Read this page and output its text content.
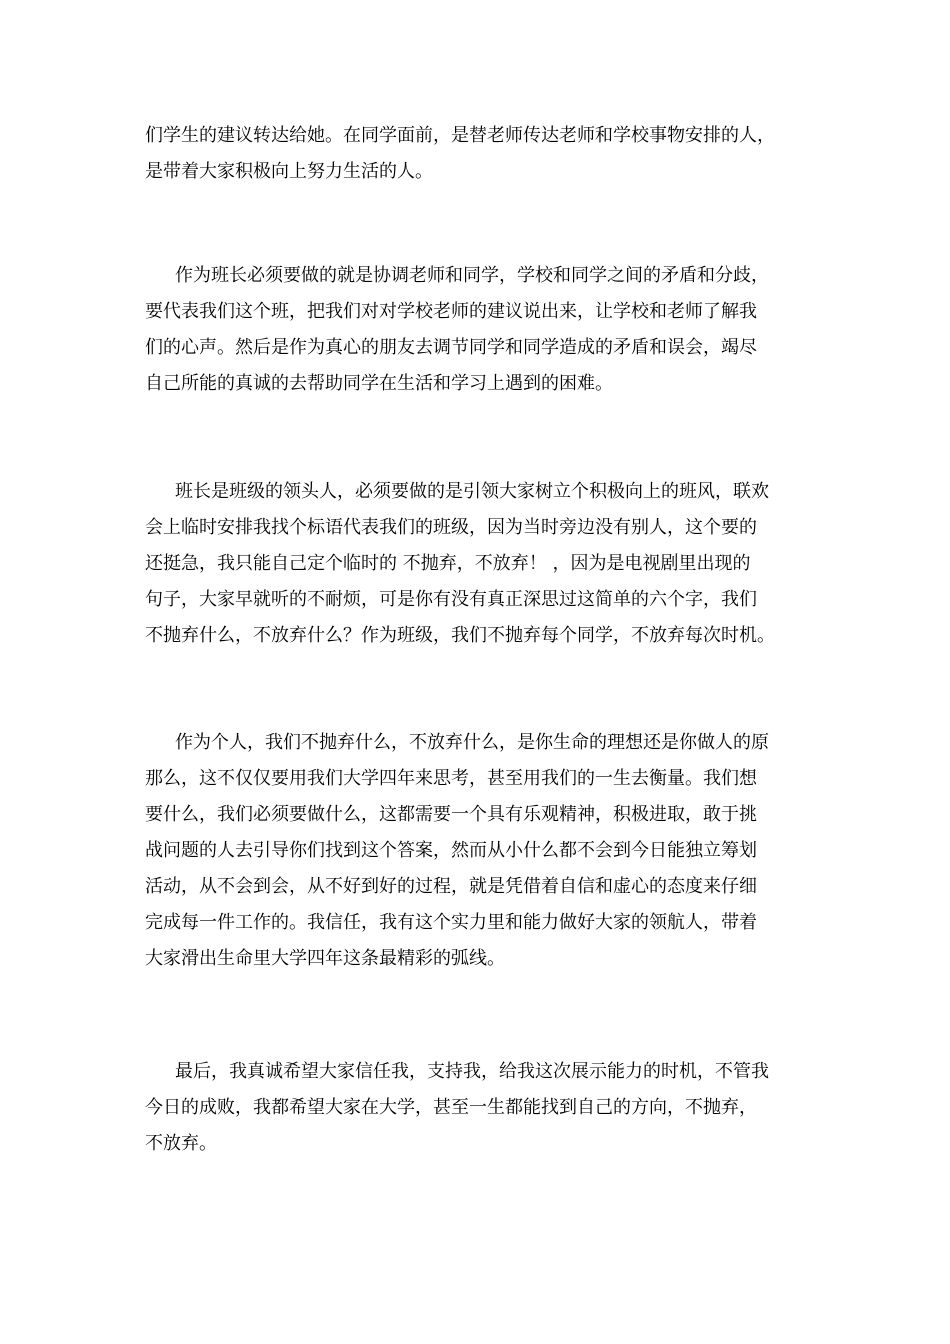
们学生的建议转达给她。在同学面前，是替老师传达老师和学校事物安排的人，
是带着大家积极向上努力生活的人。
作为班长必须要做的就是协调老师和同学，学校和同学之间的矛盾和分歧，
要代表我们这个班，把我们对对学校老师的建议说出来，让学校和老师了解我
们的心声。然后是作为真心的朋友去调节同学和同学造成的矛盾和误会，竭尽
自己所能的真诚的去帮助同学在生活和学习上遇到的困难。
班长是班级的领头人，必须要做的是引领大家树立个积极向上的班风，联欢
会上临时安排我找个标语代表我们的班级，因为当时旁边没有别人，这个要的
还挺急，我只能自己定个临时的 不抛弃，不放弃！ ，因为是电视剧里出现的
句子，大家早就听的不耐烦，可是你有没有真正深思过这简单的六个字，我们
不抛弃什么，不放弃什么？作为班级，我们不抛弃每个同学，不放弃每次时机。
作为个人，我们不抛弃什么，不放弃什么，是你生命的理想还是你做人的原
那么，这不仅仅要用我们大学四年来思考，甚至用我们的一生去衡量。我们想
要什么，我们必须要做什么，这都需要一个具有乐观精神，积极进取，敢于挑
战问题的人去引导你们找到这个答案，然而从小什么都不会到今日能独立筹划
活动，从不会到会，从不好到好的过程，就是凭借着自信和虚心的态度来仔细
完成每一件工作的。我信任，我有这个实力里和能力做好大家的领航人，带着
大家滑出生命里大学四年这条最精彩的弧线。
最后，我真诚希望大家信任我，支持我，给我这次展示能力的时机，不管我
今日的成败，我都希望大家在大学，甚至一生都能找到自己的方向，不抛弃，
不放弃。
